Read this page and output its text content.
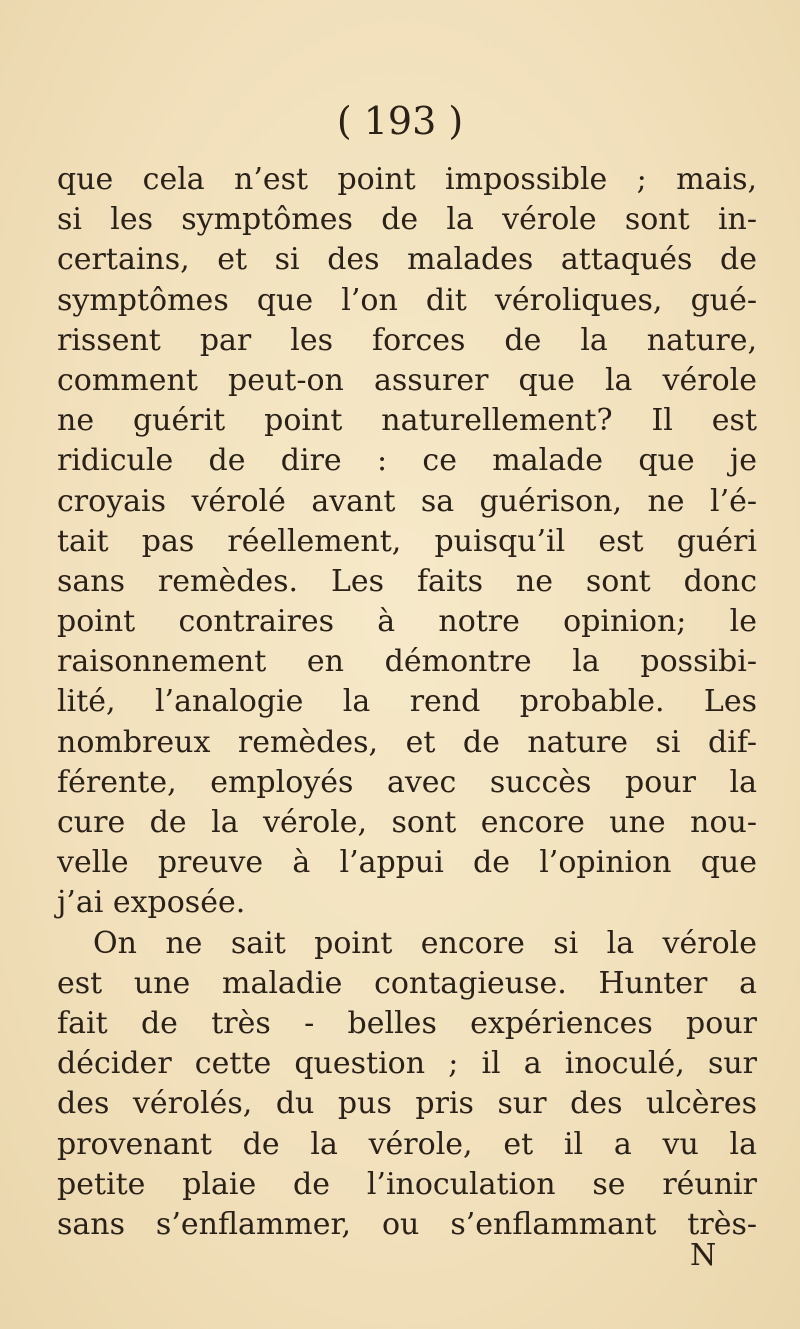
( 193 )
que cela n’est point impossible ; mais,
si les symptômes de la vérole sont in-
certains, et si des malades attaqués de
symptômes que l’on dit véroliques, gué-
rissent par les forces de la nature,
comment peut-on assurer que la vérole
ne guérit point naturellement? Il est
ridicule de dire : ce malade que je
croyais vérolé avant sa guérison, ne l’é-
tait pas réellement, puisqu’il est guéri
sans remèdes. Les faits ne sont donc
point contraires à notre opinion; le
raisonnement en démontre la possibi-
lité, l’analogie la rend probable. Les
nombreux remèdes, et de nature si dif-
férente, employés avec succès pour la
cure de la vérole, sont encore une nou-
velle preuve à l’appui de l’opinion que
j’ai exposée.
On ne sait point encore si la vérole
est une maladie contagieuse. Hunter a
fait de très - belles expériences pour
décider cette question ; il a inoculé, sur
des vérolés, du pus pris sur des ulcères
provenant de la vérole, et il a vu la
petite plaie de l’inoculation se réunir
sans s’enflammer, ou s’enflammant très-
N
